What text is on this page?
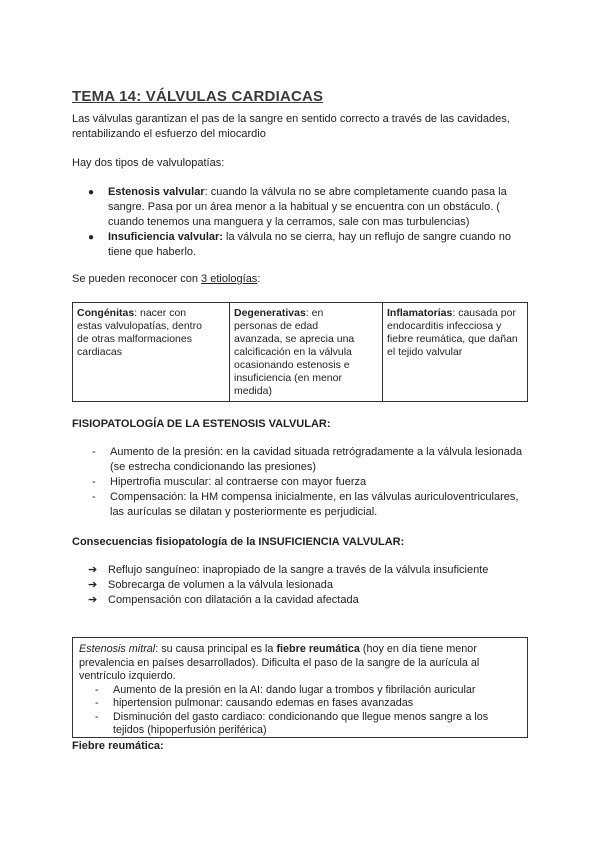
TEMA 14: VÁLVULAS CARDIACAS
Las válvulas garantizan el pas de la sangre en sentido correcto a través de las cavidades,
rentabilizando el esfuerzo del miocardio
Hay dos tipos de valvulopatías:
●	Estenosis valvular: cuando la válvula no se abre completamente cuando pasa la
sangre. Pasa por un área menor a la habitual y se encuentra con un obstáculo. (
cuando tenemos una manguera y la cerramos, sale con mas turbulencias)
●	Insuficiencia valvular: la válvula no se cierra, hay un reflujo de sangre cuando no
tiene que haberlo.
Se pueden reconocer con 3 etiologías:
Congénitas: nacer con
estas valvulopatías, dentro
de otras malformaciones
cardiacas	Degenerativas: en
personas de edad
avanzada, se aprecia una
calcificación en la válvula
ocasionando estenosis e
insuficiencia (en menor
medida)	Inflamatorias: causada por
endocarditis infecciosa y
fiebre reumática, que dañan
el tejido valvular
FISIOPATOLOGÍA DE LA ESTENOSIS VALVULAR:
-	Aumento de la presión: en la cavidad situada retrógradamente a la válvula lesionada
(se estrecha condicionando las presiones)
-	Hipertrofia muscular: al contraerse con mayor fuerza
-	Compensación: la HM compensa inicialmente, en las válvulas auriculoventriculares,
las aurículas se dilatan y posteriormente es perjudicial.
Consecuencias fisiopatología de la INSUFICIENCIA VALVULAR:
➔ Reflujo sanguíneo: inapropiado de la sangre a través de la válvula insuficiente
➔ Sobrecarga de volumen a la válvula lesionada
➔ Compensación con dilatación a la cavidad afectada
Estenosis mitral: su causa principal es la fiebre reumática (hoy en día tiene menor
prevalencia en países desarrollados). Dificulta el paso de la sangre de la aurícula al
ventrículo izquierdo.
-	Aumento de la presión en la AI: dando lugar a trombos y fibrilación auricular
-	hipertension pulmonar: causando edemas en fases avanzadas
-	Disminución del gasto cardiaco: condicionando que llegue menos sangre a los
tejidos (hipoperfusión periférica)
Fiebre reumática:
